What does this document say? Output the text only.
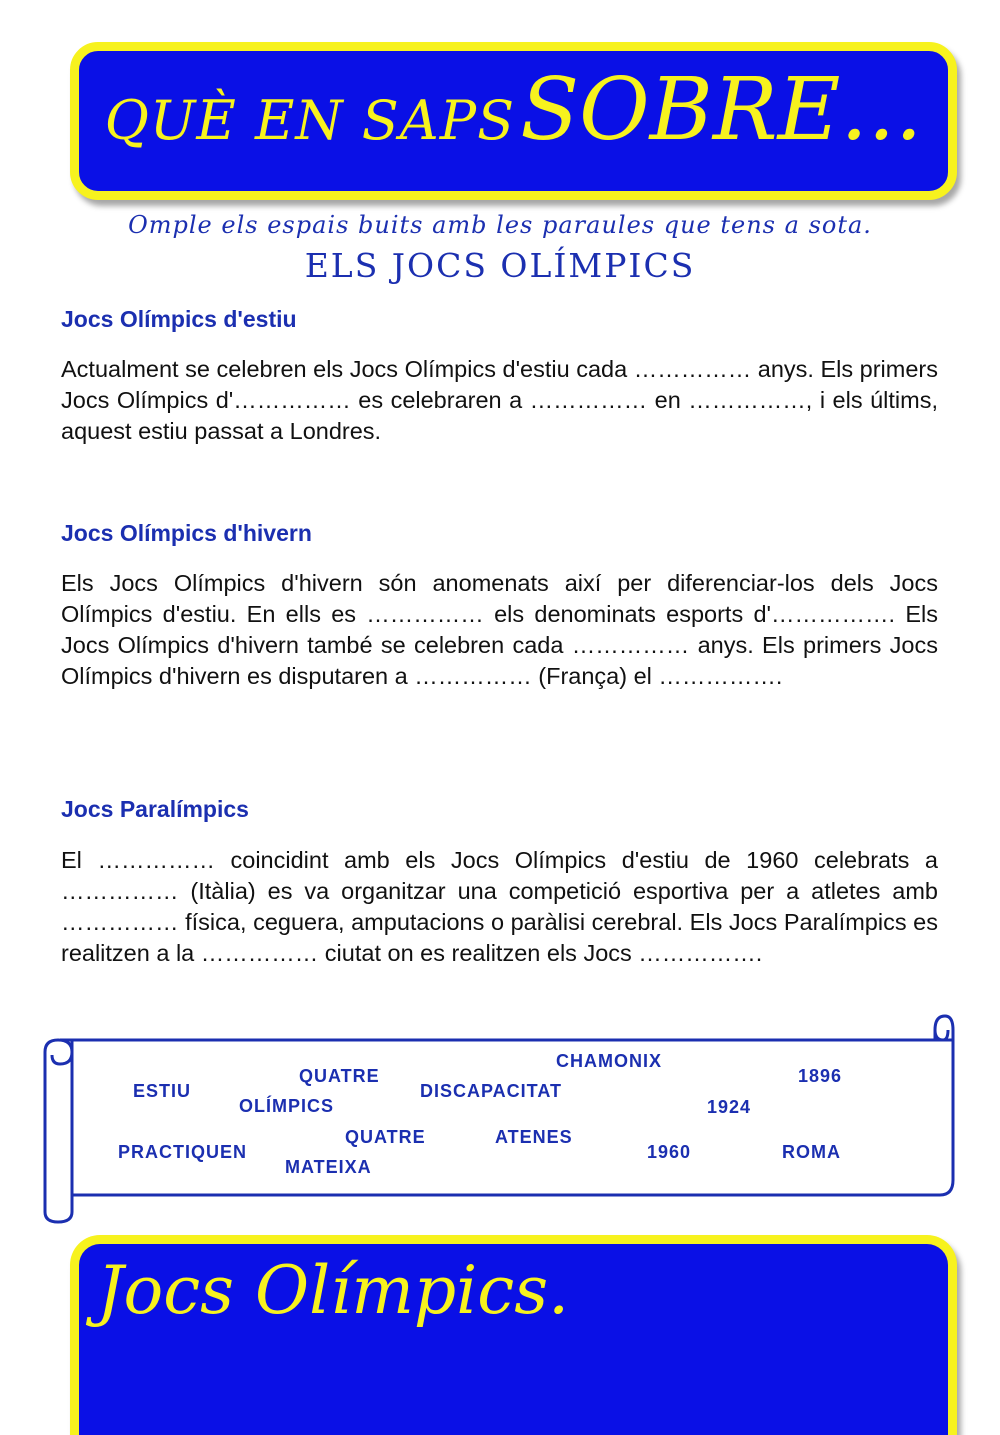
QUÈ EN SAPS SOBRE...
Omple els espais buits amb les paraules que tens a sota.
ELS JOCS OLÍMPICS
Jocs Olímpics d'estiu

Actualment se celebren els Jocs Olímpics d'estiu cada …………… anys. Els primers Jocs Olímpics d'…………… es celebraren a …………… en ……………, i els últims, aquest estiu passat a Londres.

Jocs Olímpics d'hivern

Els Jocs Olímpics d'hivern són anomenats així per diferenciar-los dels Jocs Olímpics d'estiu. En ells es …………… els denominats esports d'……………. Els Jocs Olímpics d'hivern també se celebren cada …………… anys. Els primers Jocs Olímpics d'hivern es disputaren a …………… (França) el …………….

Jocs Paralímpics

El …………… coincidint amb els Jocs Olímpics d'estiu de 1960 celebrats a …………… (Itàlia) es va organitzar una competició esportiva per a atletes amb …………… física, ceguera, amputacions o paràlisi cerebral. Els Jocs Paralímpics es realitzen a la …………… ciutat on es realitzen els Jocs …………….

ESTIU
QUATRE
OLÍMPICS
DISCAPACITAT
CHAMONIX
1924
1896
PRACTIQUEN
QUATRE
MATEIXA
ATENES
1960	ROMA
Jocs Olímpics.
